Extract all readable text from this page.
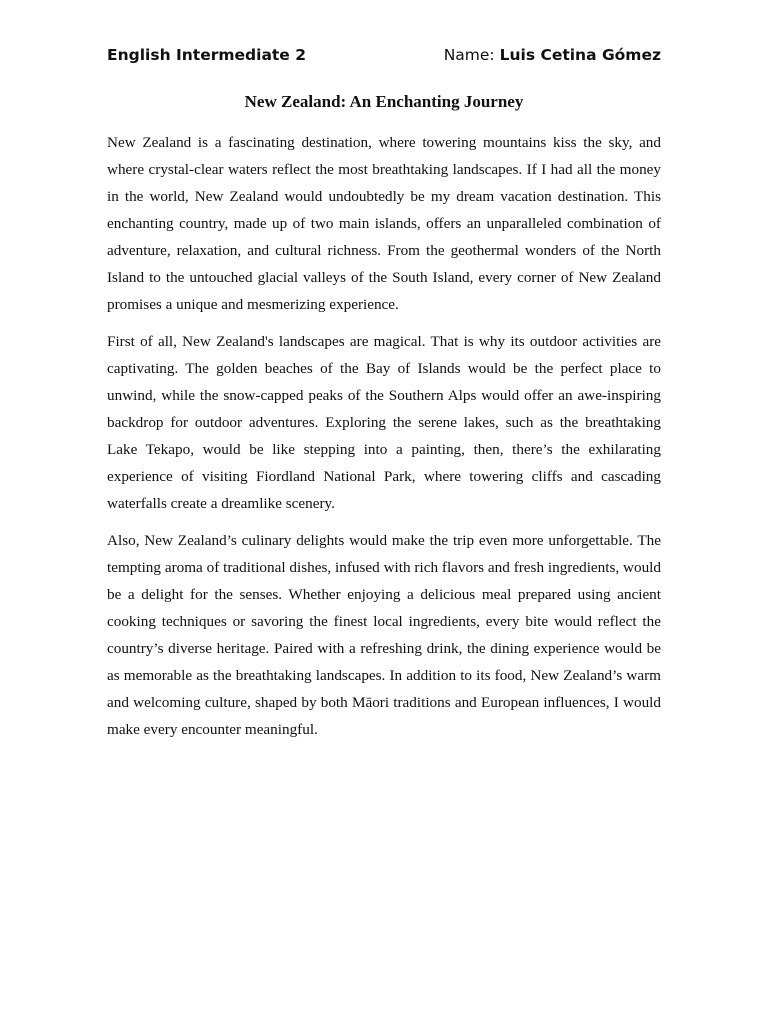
English Intermediate 2	Name: Luis Cetina Gómez
New Zealand: An Enchanting Journey

New Zealand is a fascinating destination, where towering mountains kiss the sky, and where crystal-clear waters reflect the most breathtaking landscapes. If I had all the money in the world, New Zealand would undoubtedly be my dream vacation destination. This enchanting country, made up of two main islands, offers an unparalleled combination of adventure, relaxation, and cultural richness. From the geothermal wonders of the North Island to the untouched glacial valleys of the South Island, every corner of New Zealand promises a unique and mesmerizing experience.

First of all, New Zealand's landscapes are magical. That is why its outdoor activities are captivating. The golden beaches of the Bay of Islands would be the perfect place to unwind, while the snow-capped peaks of the Southern Alps would offer an awe-inspiring backdrop for outdoor adventures. Exploring the serene lakes, such as the breathtaking Lake Tekapo, would be like stepping into a painting, then, there’s the exhilarating experience of visiting Fiordland National Park, where towering cliffs and cascading waterfalls create a dreamlike scenery.

Also, New Zealand’s culinary delights would make the trip even more unforgettable. The tempting aroma of traditional dishes, infused with rich flavors and fresh ingredients, would be a delight for the senses. Whether enjoying a delicious meal prepared using ancient cooking techniques or savoring the finest local ingredients, every bite would reflect the country’s diverse heritage. Paired with a refreshing drink, the dining experience would be as memorable as the breathtaking landscapes. In addition to its food, New Zealand’s warm and welcoming culture, shaped by both Māori traditions and European influences, I would make every encounter meaningful.
